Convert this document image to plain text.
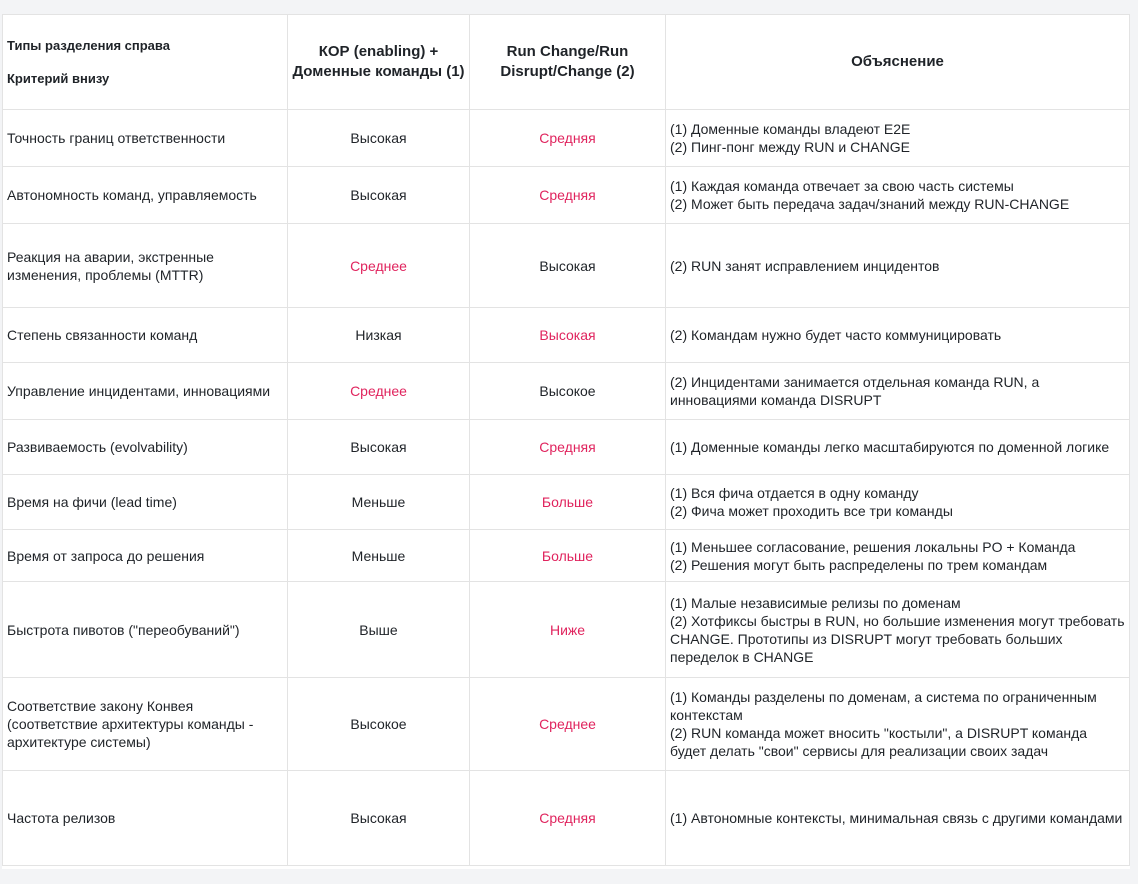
Типы разделения справа
Критерий внизу	КОР (enabling) + Доменные команды (1)	Run Change/Run Disrupt/Change (2)	Объяснение
Точность границ ответственности	Высокая	Средняя	(1) Доменные команды владеют E2E
(2) Пинг-понг между RUN и CHANGE

Автономность команд, управляемость	Высокая	Средняя	(1) Каждая команда отвечает за свою часть системы
(2) Может быть передача задач/знаний между RUN-CHANGE

Реакция на аварии, экстренные изменения, проблемы (MTTR)	Среднее	Высокая	(2) RUN занят исправлением инцидентов

Степень связанности команд	Низкая	Высокая	(2) Командам нужно будет часто коммуницировать

Управление инцидентами, инновациями	Среднее	Высокое	(2) Инцидентами занимается отдельная команда RUN, а инновациями команда DISRUPT

Развиваемость (evolvability)	Высокая	Средняя	(1) Доменные команды легко масштабируются по доменной логике

Время на фичи (lead time)	Меньше	Больше	(1) Вся фича отдается в одну команду
(2) Фича может проходить все три команды

Время от запроса до решения	Меньше	Больше	(1) Меньшее согласование, решения локальны PO + Команда
(2) Решения могут быть распределены по трем командам

Быстрота пивотов ("переобуваний")	Выше	Ниже	(1) Малые независимые релизы по доменам
(2) Хотфиксы быстры в RUN, но большие изменения могут требовать CHANGE. Прототипы из DISRUPT могут требовать больших переделок в CHANGE

Соответствие закону Конвея (соответствие архитектуры команды - архитектуре системы)	Высокое	Среднее	(1) Команды разделены по доменам, а система по ограниченным контекстам
(2) RUN команда может вносить "костыли", а DISRUPT команда будет делать "свои" сервисы для реализации своих задач

Частота релизов	Высокая	Средняя	(1) Автономные контексты, минимальная связь с другими командами
